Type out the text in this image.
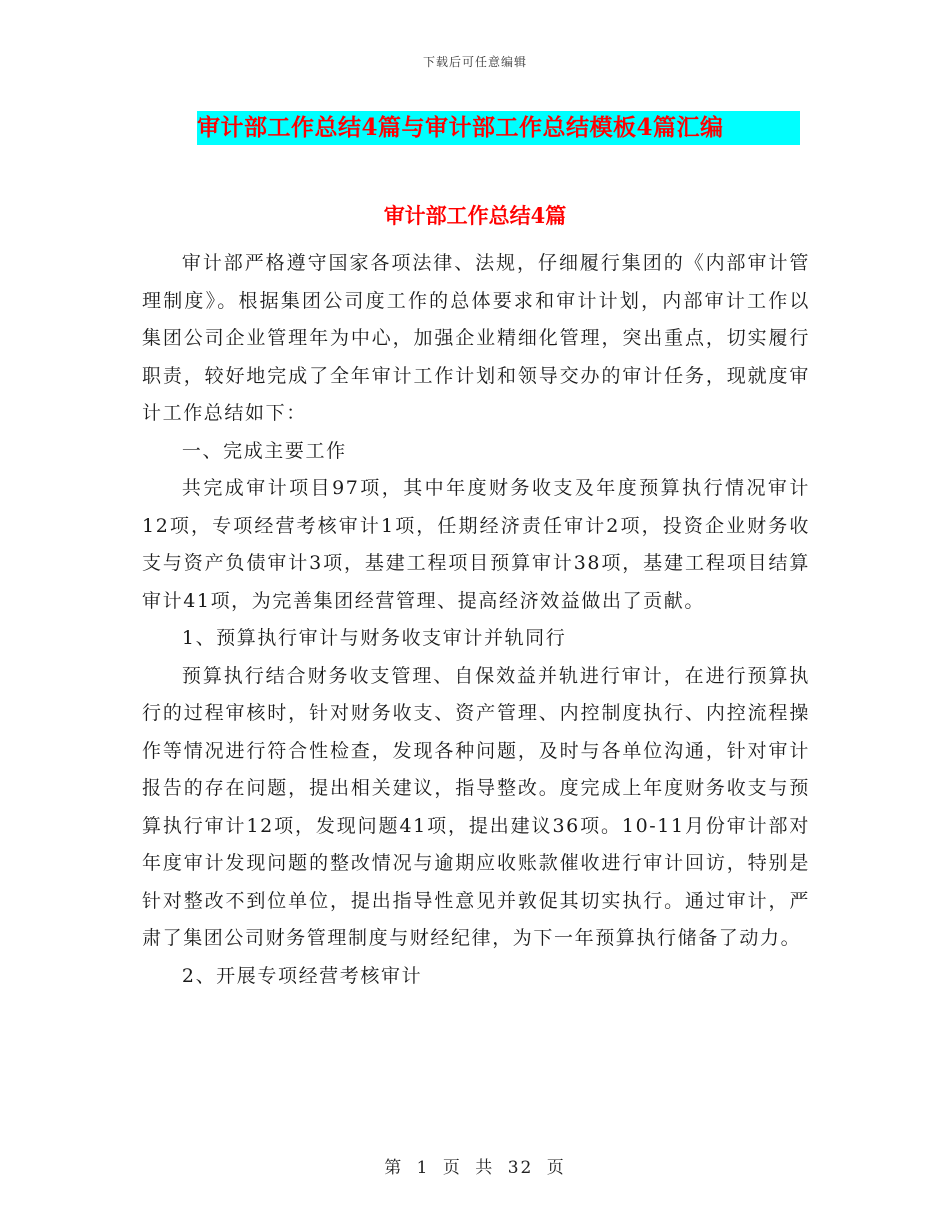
下载后可任意编辑
审计部工作总结4篇与审计部工作总结模板4篇汇编
审计部工作总结4篇

审计部严格遵守国家各项法律、法规，仔细履行集团的《内部审计管理制度》。根据集团公司度工作的总体要求和审计计划，内部审计工作以集团公司企业管理年为中心，加强企业精细化管理，突出重点，切实履行职责，较好地完成了全年审计工作计划和领导交办的审计任务，现就度审计工作总结如下：

一、完成主要工作

共完成审计项目97项，其中年度财务收支及年度预算执行情况审计12项，专项经营考核审计1项，任期经济责任审计2项，投资企业财务收支与资产负债审计3项，基建工程项目预算审计38项，基建工程项目结算审计41项，为完善集团经营管理、提高经济效益做出了贡献。

1、预算执行审计与财务收支审计并轨同行

预算执行结合财务收支管理、自保效益并轨进行审计，在进行预算执行的过程审核时，针对财务收支、资产管理、内控制度执行、内控流程操作等情况进行符合性检查，发现各种问题，及时与各单位沟通，针对审计报告的存在问题，提出相关建议，指导整改。度完成上年度财务收支与预算执行审计12项，发现问题41项，提出建议36项。10-11月份审计部对年度审计发现问题的整改情况与逾期应收账款催收进行审计回访，特别是针对整改不到位单位，提出指导性意见并敦促其切实执行。通过审计，严肃了集团公司财务管理制度与财经纪律，为下一年预算执行储备了动力。

2、开展专项经营考核审计

第 1 页 共 32 页
